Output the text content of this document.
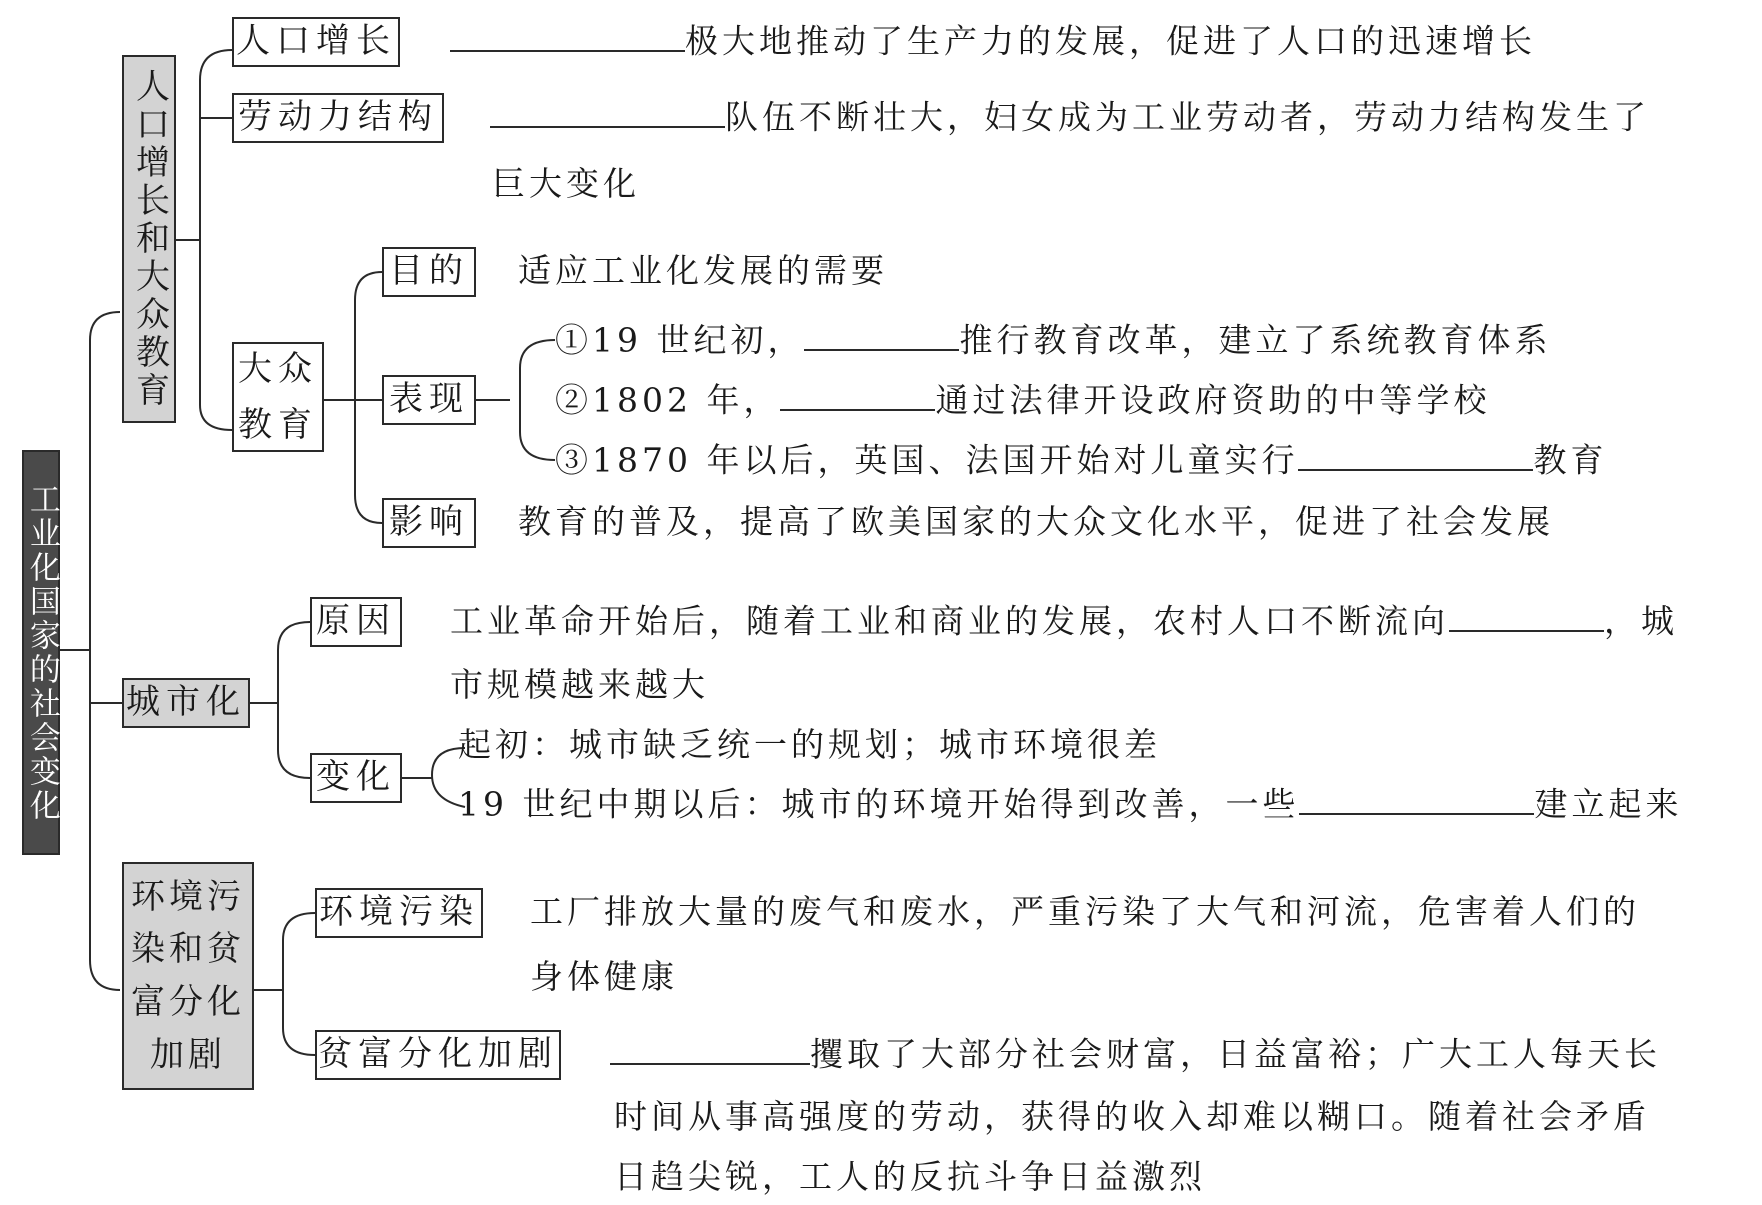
工业化国家的社会变化
人口增长和大众教育
人口增长	极大地推动了生产力的发展，促进了人口的迅速增长
劳动力结构	队伍不断壮大，妇女成为工业劳动者，劳动力结构发生了
巨大变化
大众
教育
目的 适应工业化发展的需要
表现
①19 世纪初，	推行教育改革，建立了系统教育体系
②1802 年，	通过法律开设政府资助的中等学校
③1870 年以后，英国、法国开始对儿童实行	教育
影响 教育的普及，提高了欧美国家的大众文化水平，促进了社会发展
城市化
原因 工业革命开始后，随着工业和商业的发展，农村人口不断流向	，城
市规模越来越大
变化
起初：城市缺乏统一的规划；城市环境很差
19 世纪中期以后：城市的环境开始得到改善，一些	建立起来
环境污
染和贫
富分化
加剧
环境污染 工厂排放大量的废气和废水，严重污染了大气和河流，危害着人们的
身体健康
贫富分化加剧	攫取了大部分社会财富，日益富裕；广大工人每天长
时间从事高强度的劳动，获得的收入却难以糊口。随着社会矛盾
日趋尖锐，工人的反抗斗争日益激烈
